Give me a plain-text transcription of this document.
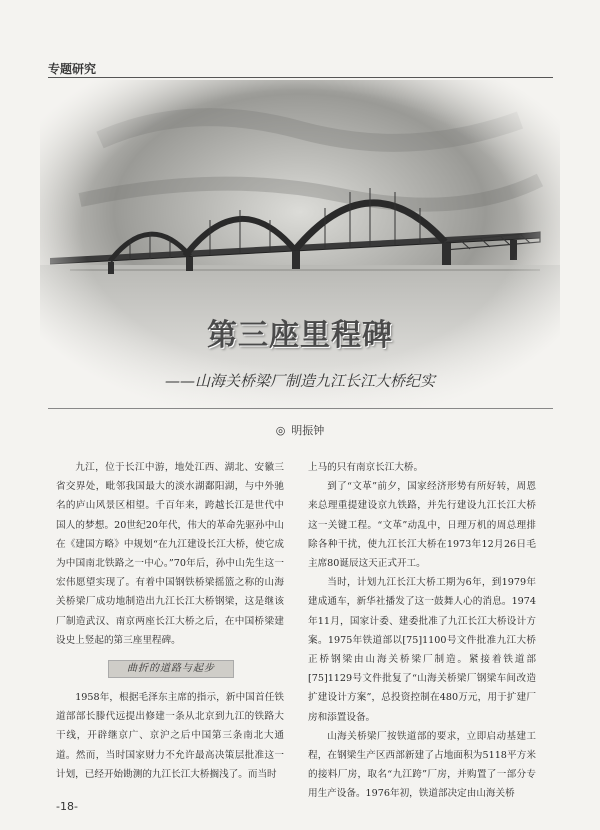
专题研究
第三座里程碑
——山海关桥梁厂制造九江长江大桥纪实
◎ 明振钟

九江，位于长江中游，地处江西、湖北、安徽三省交界处，毗邻我国最大的淡水湖鄱阳湖，与中外驰名的庐山风景区相望。千百年来，跨越长江是世代中国人的梦想。20世纪20年代，伟大的革命先驱孙中山在《建国方略》中规划“在九江建设长江大桥，使它成为中国南北铁路之一中心。”70年后，孙中山先生这一宏伟愿望实现了。有着中国钢铁桥梁摇篮之称的山海关桥梁厂成功地制造出九江长江大桥钢梁，这是继该厂制造武汉、南京两座长江大桥之后，在中国桥梁建设史上竖起的第三座里程碑。

曲折的道路与起步

1958年，根据毛泽东主席的指示，新中国首任铁道部部长滕代远提出修建一条从北京到九江的铁路大干线，开辟继京广、京沪之后中国第三条南北大通道。然而，当时国家财力不允许最高决策层批准这一计划，已经开始勘测的九江长江大桥搁浅了。而当时

上马的只有南京长江大桥。

到了“文革”前夕，国家经济形势有所好转，周恩来总理重提建设京九铁路，并先行建设九江长江大桥这一关键工程。“文革”动乱中，日理万机的周总理排除各种干扰，使九江长江大桥在1973年12月26日毛主席80诞辰这天正式开工。

当时，计划九江长江大桥工期为6年，到1979年建成通车，新华社播发了这一鼓舞人心的消息。1974年11月，国家计委、建委批准了九江长江大桥设计方案。1975年铁道部以[75]1100号文件批准九江大桥正桥钢梁由山海关桥梁厂制造。紧接着铁道部[75]1129号文件批复了“山海关桥梁厂钢梁车间改造扩建设计方案”，总投资控制在480万元，用于扩建厂房和添置设备。

山海关桥梁厂按铁道部的要求，立即启动基建工程，在钢梁生产区西部新建了占地面积为5118平方米的接料厂房，取名“九江跨”厂房，并购置了一部分专用生产设备。1976年初，铁道部决定由山海关桥

-18-
